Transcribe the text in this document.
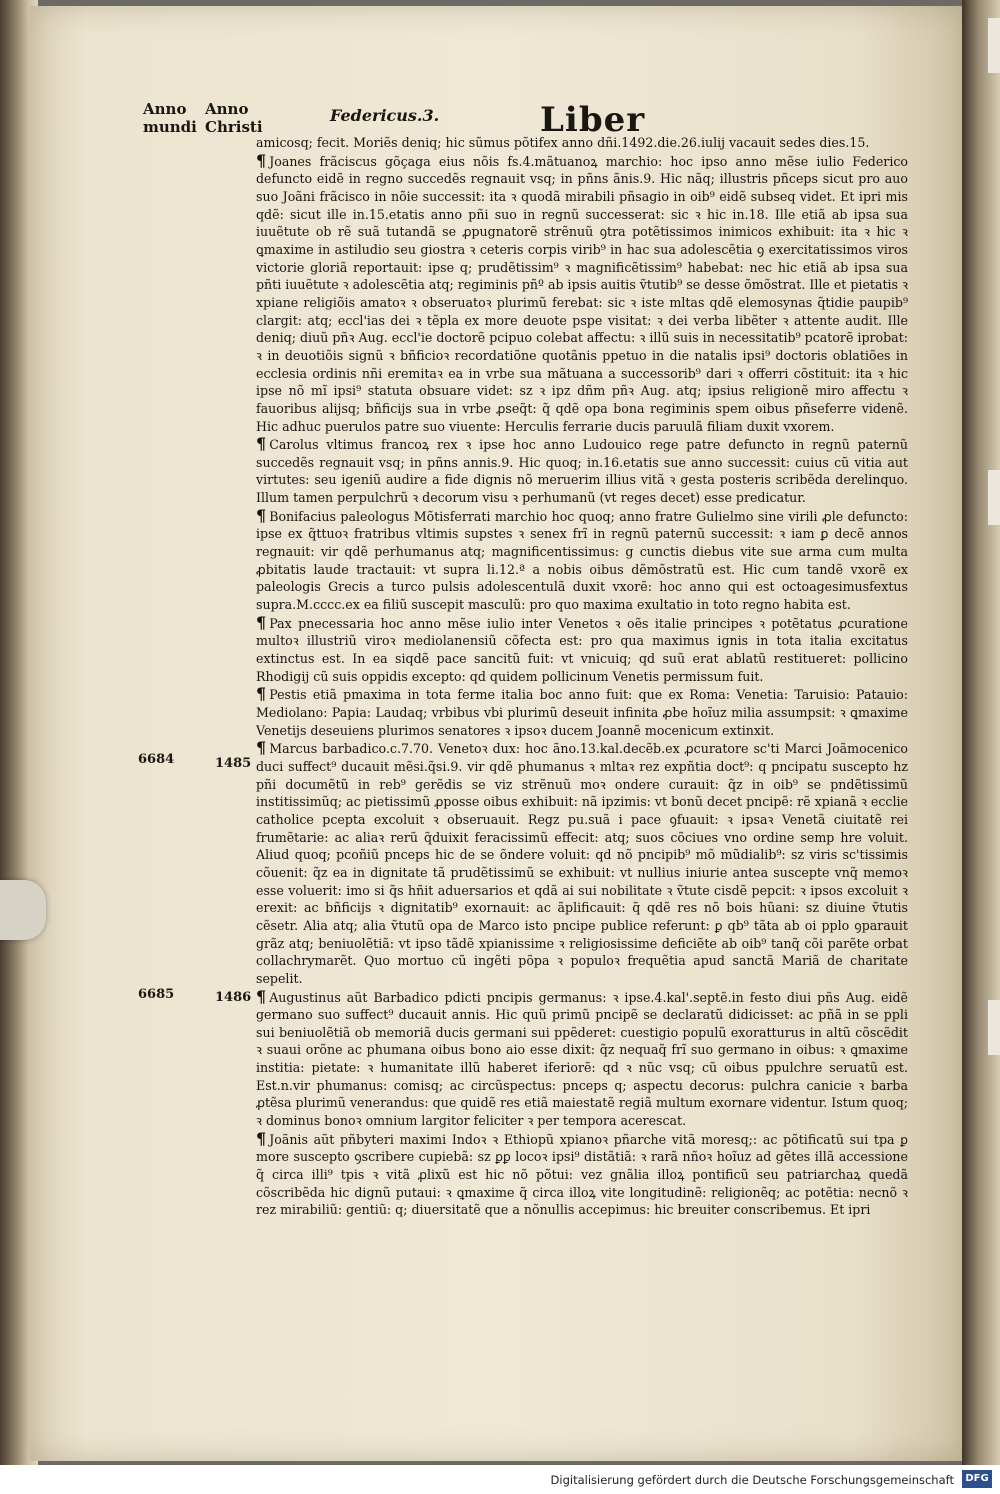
Anno mundi
Anno Christi
Federicus.3.	Liber

amicosq; fecit. Moriẽs deniq; hic sũmus põtifex anno dñi.1492.die.26.iulij vacauit sedes dies.15.

¶ Joanes frãciscus gõçaga eius nõis fs.4.mãtuanoꝝ marchio: hoc ipso anno mẽse iulio Federico defuncto eidẽ in regno succedẽs regnauit vsq; in pñns ãnis.9. Hic nãq; illustris pñceps sicut pro auo suo Joãni frãcisco in nõie successit: ita ꝛ quodã mirabili pñsagio in oib⁹ eidẽ subseq videt. Et ipri mis qdẽ: sicut ille in.15.etatis anno pñi suo in regnũ successerat: sic ꝛ hic in.18. Ille etiã ab ipsa sua iuuẽtute ob rẽ suã tutandã se ꝓpugnatorẽ strẽnuũ ꝯtra potẽtissimos inimicos exhibuit: ita ꝛ hic ꝛ ꝗmaxime in astiludio seu giostra ꝛ ceteris corpis virib⁹ in hac sua adolescẽtia ꝯ exercitatissimos viros victorie gloriã reportauit: ipse q; prudẽtissim⁹ ꝛ magnificẽtissim⁹ habebat: nec hic etiã ab ipsa sua pñti iuuẽtute ꝛ adolescẽtia atq; regiminis pñº ab ipsis auitis ṽtutib⁹ se desse õmõstrat. Ille et pietatis ꝛ xpiane religiõis amatoꝛ ꝛ obseruatoꝛ plurimũ ferebat: sic ꝛ iste mltas qdẽ elemosynas q̃tidie paupib⁹ clargit: atq; eccl'ias dei ꝛ tẽpla ex more deuote pspe visitat: ꝛ dei verba libẽter ꝛ attente audit. Ille deniq; diuũ pñꝛ Aug. eccl'ie doctorẽ pcipuo colebat affectu: ꝛ illũ suis in necessitatib⁹ pcatorẽ iprobat: ꝛ in deuotiõis signũ ꝛ bñficioꝛ recordatiõne quotãnis ppetuo in die natalis ipsi⁹ doctoris oblatiões in ecclesia ordinis nñi eremitaꝛ ea in vrbe sua mãtuana a successorib⁹ dari ꝛ offerri cõstituit: ita ꝛ hic ipse nõ mĩ ipsi⁹ statuta obsuare videt: sz ꝛ ipz dñm pñꝛ Aug. atq; ipsius religionẽ miro affectu ꝛ fauoribus alijsq; bñficijs sua in vrbe ꝓseq̃t: q̃ qdẽ opa bona regiminis spem oibus pñseferre videnẽ. Hic adhuc puerulos patre suo viuente: Herculis ferrarie ducis paruulã filiam duxit vxorem.

¶ Carolus vltimus francoꝝ rex ꝛ ipse hoc anno Ludouico rege patre defuncto in regnũ paternũ succedẽs regnauit vsq; in pñns annis.9. Hic quoq; in.16.etatis sue anno successit: cuius cũ vitia aut virtutes: seu igeniũ audire a fide dignis nõ meruerim illius vitã ꝛ gesta posteris scribẽda derelinquo. Illum tamen perpulchrũ ꝛ decorum visu ꝛ perhumanũ (vt reges decet) esse predicatur.

¶ Bonifacius paleologus Mõtisferrati marchio hoc quoq; anno fratre Gulielmo sine virili ꝓle defuncto: ipse ex q̃ttuoꝛ fratribus vltimis supstes ꝛ senex frĩ in regnũ paternũ successit: ꝛ iam ꝑ decẽ annos regnauit: vir qdẽ perhumanus atq; magnificentissimus: g cunctis diebus vite sue arma cum multa ꝓbitatis laude tractauit: vt supra li.12.ª a nobis oibus dẽmõstratũ est. Hic cum tandẽ vxorẽ ex paleologis Grecis a turco pulsis adolescentulã duxit vxorẽ: hoc anno qui est octoagesimusfextus supra.M.cccc.ex ea filiũ suscepit masculũ: pro quo maxima exultatio in toto regno habita est.

¶ Pax pnecessaria hoc anno mẽse iulio inter Venetos ꝛ oẽs italie principes ꝛ potẽtatus ꝓcuratione multoꝛ illustriũ viroꝛ mediolanensiũ cõfecta est: pro qua maximus ignis in tota italia excitatus extinctus est. In ea siqdẽ pace sancitũ fuit: vt vnicuiq; qd suũ erat ablatũ restitueret: pollicino Rhodigij cũ suis oppidis excepto: qd quidem pollicinum Venetis permissum fuit.

¶ Pestis etiã pmaxima in tota ferme italia boc anno fuit: que ex Roma: Venetia: Taruisio: Patauio: Mediolano: Papia: Laudaq; vrbibus vbi plurimũ deseuit infinita ꝓbe hoĩuz milia assumpsit: ꝛ ꝗmaxime Venetijs deseuiens plurimos senatores ꝛ ipsoꝛ ducem Joannẽ mocenicum extinxit.

¶ Marcus barbadico.c.7.70. Venetoꝛ dux: hoc ãno.13.kal.decẽb.ex ꝓcuratore sc'ti Marci Joãmocenico duci suffect⁹ ducauit mẽsi.q̃si.9. vir qdẽ phumanus ꝛ mltaꝛ rez expñtia doct⁹: q pncipatu suscepto hz pñi documẽtũ in reb⁹ gerẽdis se viz strẽnuũ moꝛ ondere curauit: q̃z in oib⁹ se pndẽtissimũ institissimũq; ac pietissimũ ꝓposse oibus exhibuit: nã ipzimis: vt bonũ decet pncipẽ: rẽ xpianã ꝛ ecclie catholice pcepta excoluit ꝛ obseruauit. Regz pu.suã i pace ꝯfuauit: ꝛ ipsaꝛ Venetã ciuitatẽ rei frumẽtarie: ac aliaꝛ rerũ q̃duixit feracissimũ effecit: atq; suos cõciues vno ordine semp hre voluit. Aliud quoq; pcoñiũ pnceps hic de se õndere voluit: qd nõ pncipib⁹ mõ mũdialib⁹: sz viris sc'tissimis cõuenit: q̃z ea in dignitate tã prudẽtissimũ se exhibuit: vt nullius iniurie antea suscepte vnq̃ memoꝛ esse voluerit: imo si q̃s hñit aduersarios et qdã ai sui nobilitate ꝛ ṽtute cisdẽ pepcit: ꝛ ipsos excoluit ꝛ erexit: ac bñficijs ꝛ dignitatib⁹ exornauit: ac ãplificauit: q̃ qdẽ res nõ bois hũani: sz diuine ṽtutis cẽsetr. Alia atq; alia ṽtutũ opa de Marco isto pncipe publice referunt: ꝑ qb⁹ tãta ab oi pplo ꝯparauit grãz atq; beniuolẽtiã: vt ipso tãdẽ xpianissime ꝛ religiosissime deficiẽte ab oib⁹ tanq̃ cõi parẽte orbat collachrymarẽt. Quo mortuo cũ ingẽti põpa ꝛ populoꝛ frequẽtia apud sanctã Mariã de charitate sepelit.

¶ Augustinus aũt Barbadico pdicti pncipis germanus: ꝛ ipse.4.kal'.septẽ.in festo diui pñs Aug. eidẽ germano suo suffect⁹ ducauit annis. Hic quũ primũ pncipẽ se declaratũ didicisset: ac pñã in se ppli sui beniuolẽtiã ob memoriã ducis germani sui ppẽderet: cuestigio populũ exoratturus in altũ cõscẽdit ꝛ suaui orõne ac phumana oibus bono aio esse dixit: q̃z nequaq̃ frĩ suo germano in oibus: ꝛ ꝗmaxime institia: pietate: ꝛ humanitate illũ haberet iferiorẽ: qd ꝛ nũc vsq; cũ oibus ppulchre seruatũ est. Est.n.vir phumanus: comisq; ac circũspectus: pnceps q; aspectu decorus: pulchra canicie ꝛ barba ꝓtẽsa plurimũ venerandus: que quidẽ res etiã maiestatẽ regiã multum exornare videntur. Istum quoq; ꝛ dominus bonoꝛ omnium largitor feliciter ꝛ per tempora acerescat.

¶ Joãnis aũt pñbyteri maximi Indoꝛ ꝛ Ethiopũ xpianoꝛ pñarche vitã moresq;: ac põtificatũ sui tpa ꝑ more suscepto ꝯscribere cupiebã: sz ꝑꝑ locoꝛ ipsi⁹ distãtiã: ꝛ rarã nñoꝛ hoĩuz ad gẽtes illã accessione q̃ circa illi⁹ tpis ꝛ vitã ꝓlixũ est hic nõ põtui: vez gnãlia illoꝝ pontificũ seu patriarchaꝝ quedã cõscribẽda hic dignũ putaui: ꝛ ꝗmaxime q̃ circa illoꝝ vite longitudinẽ: religionẽq; ac potẽtia: necnõ ꝛ rez mirabiliũ: gentiũ: q; diuersitatẽ que a nõnullis accepimus: hic breuiter conscribemus. Et ipri

6684	1485
6685	1486
Digitalisierung gefördert durch die Deutsche Forschungsgemeinschaft	DFG
